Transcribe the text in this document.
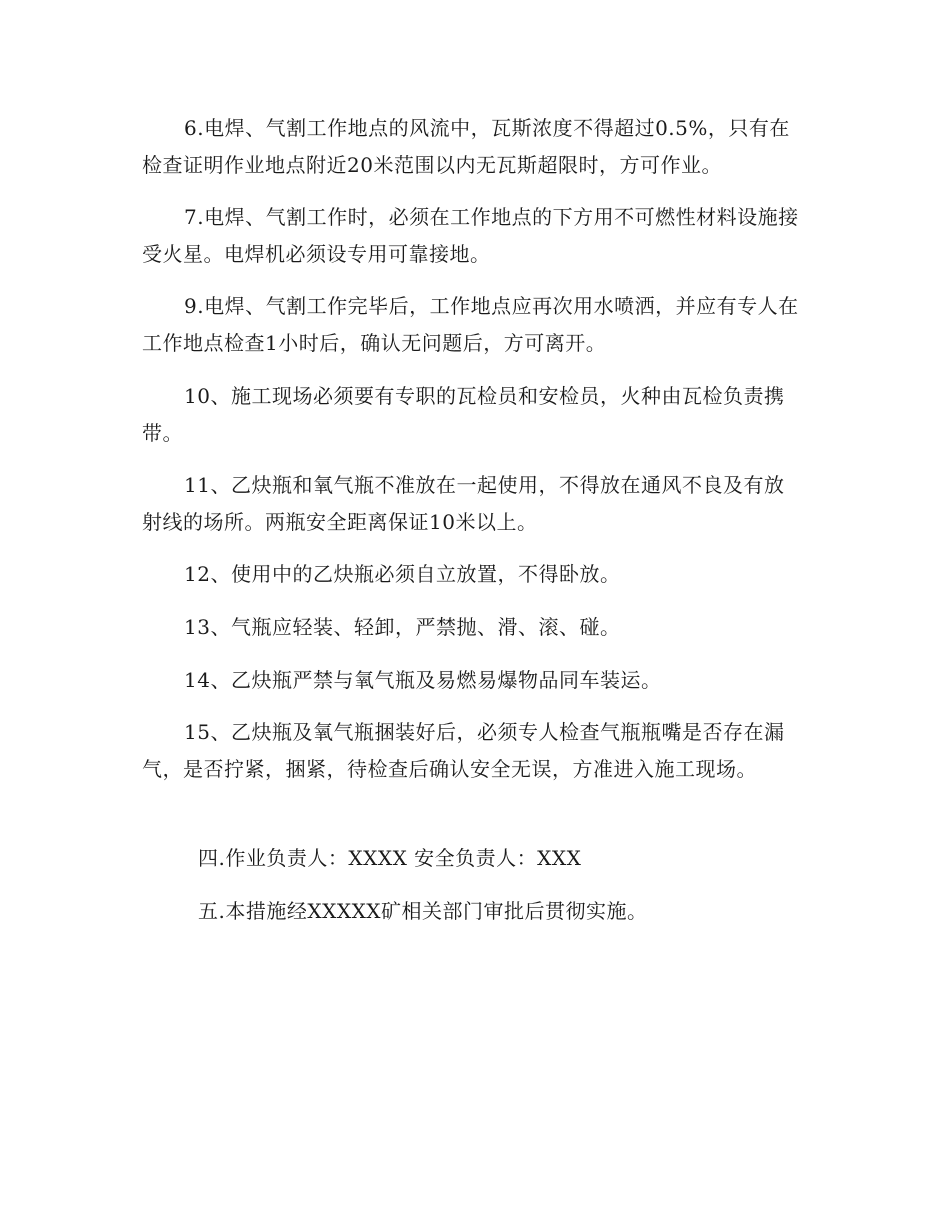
6.电焊、气割工作地点的风流中，瓦斯浓度不得超过0.5%，只有在检查证明作业地点附近20米范围以内无瓦斯超限时，方可作业。

7.电焊、气割工作时，必须在工作地点的下方用不可燃性材料设施接受火星。电焊机必须设专用可靠接地。

9.电焊、气割工作完毕后，工作地点应再次用水喷洒，并应有专人在工作地点检查1小时后，确认无问题后，方可离开。

10、施工现场必须要有专职的瓦检员和安检员，火种由瓦检负责携带。

11、乙炔瓶和氧气瓶不准放在一起使用，不得放在通风不良及有放射线的场所。两瓶安全距离保证10米以上。

12、使用中的乙炔瓶必须自立放置，不得卧放。

13、气瓶应轻装、轻卸，严禁抛、滑、滚、碰。

14、乙炔瓶严禁与氧气瓶及易燃易爆物品同车装运。

15、乙炔瓶及氧气瓶捆装好后，必须专人检查气瓶瓶嘴是否存在漏气，是否拧紧，捆紧，待检查后确认安全无误，方准进入施工现场。

四.作业负责人：XXXX 安全负责人：XXX

五.本措施经XXXXX矿相关部门审批后贯彻实施。
